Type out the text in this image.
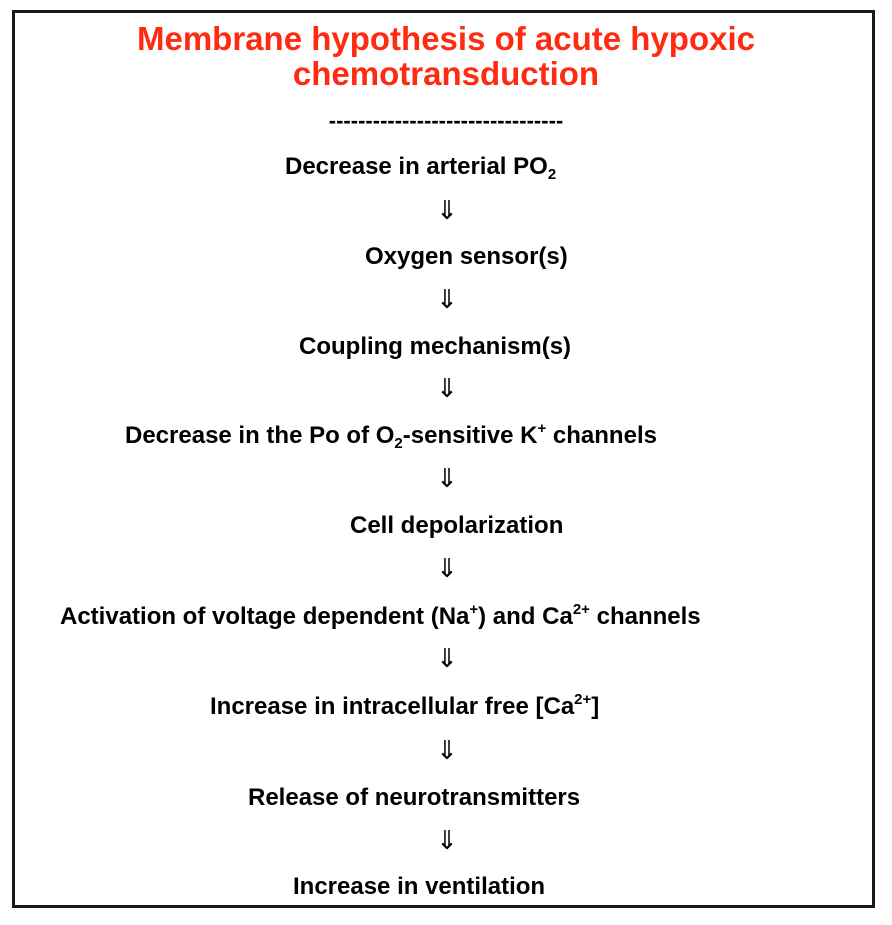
Membrane hypothesis of acute hypoxic
chemotransduction
--------------------------------
Decrease in arterial $PO_2$
⇓
Oxygen sensor(s)
⇓
Coupling mechanism(s)
⇓
Decrease in the Po of $O_2$-sensitive K+ channels
⇓
Cell depolarization
⇓
Activation of voltage dependent (Na+) and $Ca^{2+}$ channels
⇓
Increase in intracellular free $[Ca^{2+}]$
⇓
Release of neurotransmitters
⇓
Increase in ventilation
